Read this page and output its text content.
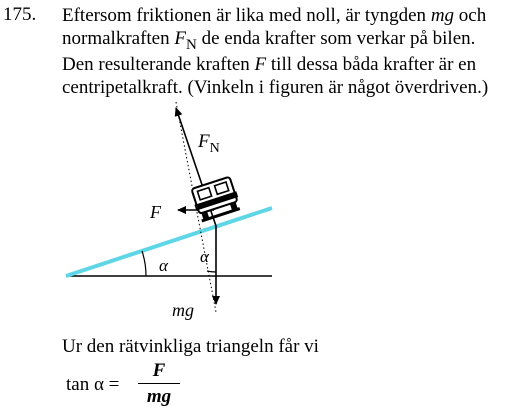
175. Eftersom friktionen är lika med noll, är tyngden mg och
normalkraften $F_N$ de enda krafter som verkar på bilen.
Den resulterande kraften F till dessa båda krafter är en
centripetalkraft. (Vinkeln i figuren är något överdriven.)
$F_N$
F
α α
mg
Ur den rätvinkliga triangeln får vi
tan α =
F
mg
